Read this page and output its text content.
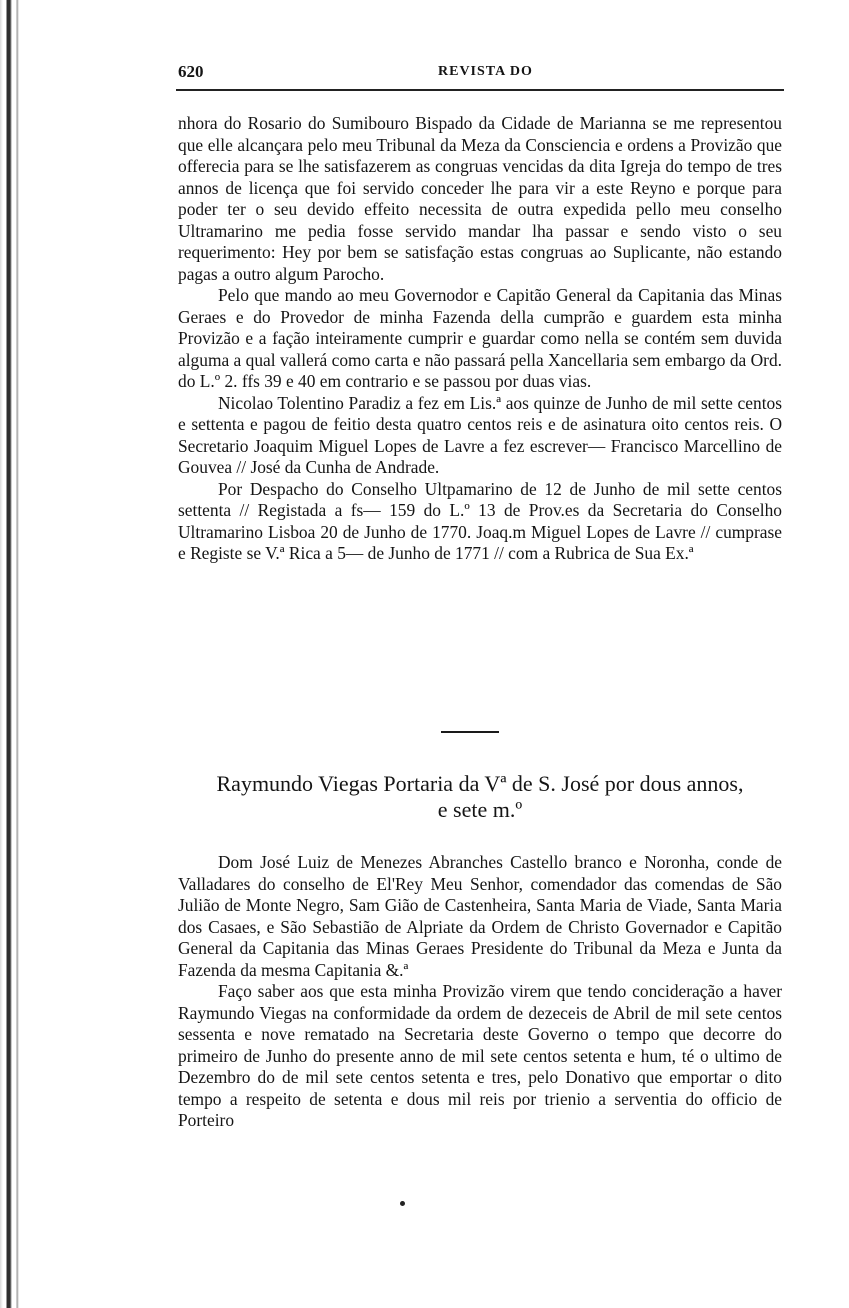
620	REVISTA DO

nhora do Rosario do Sumibouro Bispado da Cidade de Marianna se me representou que elle alcançara pelo meu Tribunal da Meza da Consciencia e ordens a Provizão que offerecia para se lhe satisfazerem as congruas vencidas da dita Igreja do tempo de tres annos de licença que foi servido conceder lhe para vir a este Reyno e porque para poder ter o seu devido effeito necessita de outra expedida pello meu conselho Ultramarino me pedia fosse servido mandar lha passar e sendo visto o seu requerimento: Hey por bem se satisfação estas congruas ao Suplicante, não estando pagas a outro algum Parocho.

Pelo que mando ao meu Governodor e Capitão General da Capitania das Minas Geraes e do Provedor de minha Fazenda della cumprão e guardem esta minha Provizão e a fação inteiramente cumprir e guardar como nella se contém sem duvida alguma a qual vallerá como carta e não passará pella Xancellaria sem embargo da Ord. do L.º 2. ffs 39 e 40 em contrario e se passou por duas vias.

Nicolao Tolentino Paradiz a fez em Lis.ª aos quinze de Junho de mil sette centos e settenta e pagou de feitio desta quatro centos reis e de asinatura oito centos reis. O Secretario Joaquim Miguel Lopes de Lavre a fez escrever— Francisco Marcellino de Gouvea // José da Cunha de Andrade.

Por Despacho do Conselho Ultpamarino de 12 de Junho de mil sette centos settenta // Registada a fs— 159 do L.º 13 de Prov.es da Secretaria do Conselho Ultramarino Lisboa 20 de Junho de 1770. Joaq.m Miguel Lopes de Lavre // cumprase e Registe se V.ª Rica a 5— de Junho de 1771 // com a Rubrica de Sua Ex.ª

Raymundo Viegas Portaria da Vª de S. José por dous annos,
e sete m.º

Dom José Luiz de Menezes Abranches Castello branco e Noronha, conde de Valladares do conselho de El'Rey Meu Senhor, comendador das comendas de São Julião de Monte Negro, Sam Gião de Castenheira, Santa Maria de Viade, Santa Maria dos Casaes, e São Sebastião de Alpriate da Ordem de Christo Governador e Capitão General da Capitania das Minas Geraes Presidente do Tribunal da Meza e Junta da Fazenda da mesma Capitania &.ª

Faço saber aos que esta minha Provizão virem que tendo concideração a haver Raymundo Viegas na conformidade da ordem de dezeceis de Abril de mil sete centos sessenta e nove rematado na Secretaria deste Governo o tempo que decorre do primeiro de Junho do presente anno de mil sete centos setenta e hum, té o ultimo de Dezembro do de mil sete centos setenta e tres, pelo Donativo que emportar o dito tempo a respeito de setenta e dous mil reis por trienio a serventia do officio de Porteiro
